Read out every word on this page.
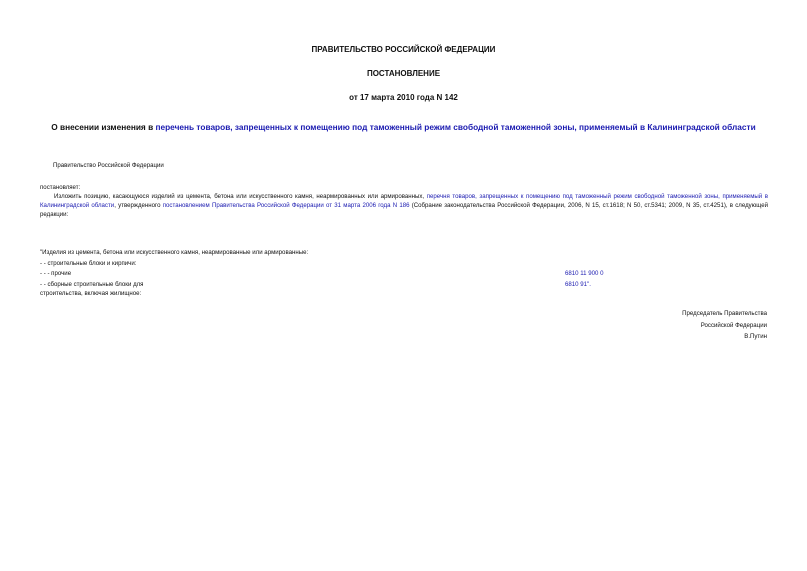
ПРАВИТЕЛЬСТВО РОССИЙСКОЙ ФЕДЕРАЦИИ
ПОСТАНОВЛЕНИЕ
от 17 марта 2010 года N 142
О внесении изменения в перечень товаров, запрещенных к помещению под таможенный режим свободной таможенной зоны, применяемый в Калининградской области
Правительство Российской Федерации
постановляет:
Изложить позицию, касающуюся изделий из цемента, бетона или искусственного камня, неармированных или армированных, перечня товаров, запрещенных к помещению под таможенный режим свободной таможенной зоны, применяемый в Калининградской области, утвержденного постановлением Правительства Российской Федерации от 31 марта 2006 года N 186 (Собрание законодательства Российской Федерации, 2006, N 15, ст.1618; N 50, ст.5341; 2009, N 35, ст.4251), в следующей редакции:
"Изделия из цемента, бетона или искусственного камня, неармированные или армированные:
- - строительные блоки и кирпичи:
- - - прочие
- - сборные строительные блоки для
строительства, включая жилищное:
6810 11 900 0
6810 91".
Председатель Правительства
Российской Федерации
В.Путин
